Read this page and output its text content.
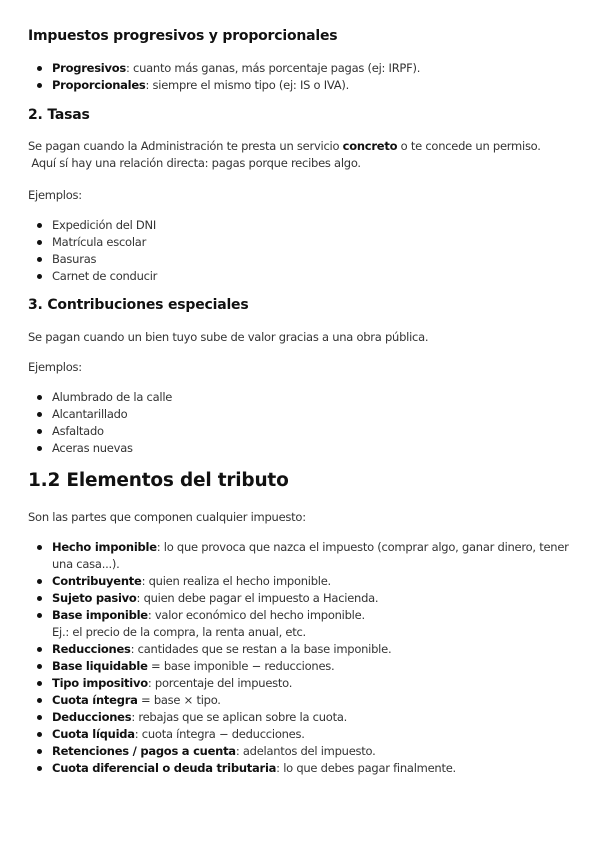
Impuestos progresivos y proporcionales
Progresivos: cuanto más ganas, más porcentaje pagas (ej: IRPF).
Proporcionales: siempre el mismo tipo (ej: IS o IVA).
2. Tasas

Se pagan cuando la Administración te presta un servicio concreto o te concede un permiso.
Aquí sí hay una relación directa: pagas porque recibes algo.

Ejemplos:

Expedición del DNI
Matrícula escolar
Basuras
Carnet de conducir
3. Contribuciones especiales

Se pagan cuando un bien tuyo sube de valor gracias a una obra pública.

Ejemplos:

Alumbrado de la calle
Alcantarillado
Asfaltado
Aceras nuevas
1.2 Elementos del tributo

Son las partes que componen cualquier impuesto:

Hecho imponible: lo que provoca que nazca el impuesto (comprar algo, ganar dinero, tener
una casa...).
Contribuyente: quien realiza el hecho imponible.
Sujeto pasivo: quien debe pagar el impuesto a Hacienda.
Base imponible: valor económico del hecho imponible.
Ej.: el precio de la compra, la renta anual, etc.
Reducciones: cantidades que se restan a la base imponible.
Base liquidable = base imponible − reducciones.
Tipo impositivo: porcentaje del impuesto.
Cuota íntegra = base × tipo.
Deducciones: rebajas que se aplican sobre la cuota.
Cuota líquida: cuota íntegra − deducciones.
Retenciones / pagos a cuenta: adelantos del impuesto.
Cuota diferencial o deuda tributaria: lo que debes pagar finalmente.
